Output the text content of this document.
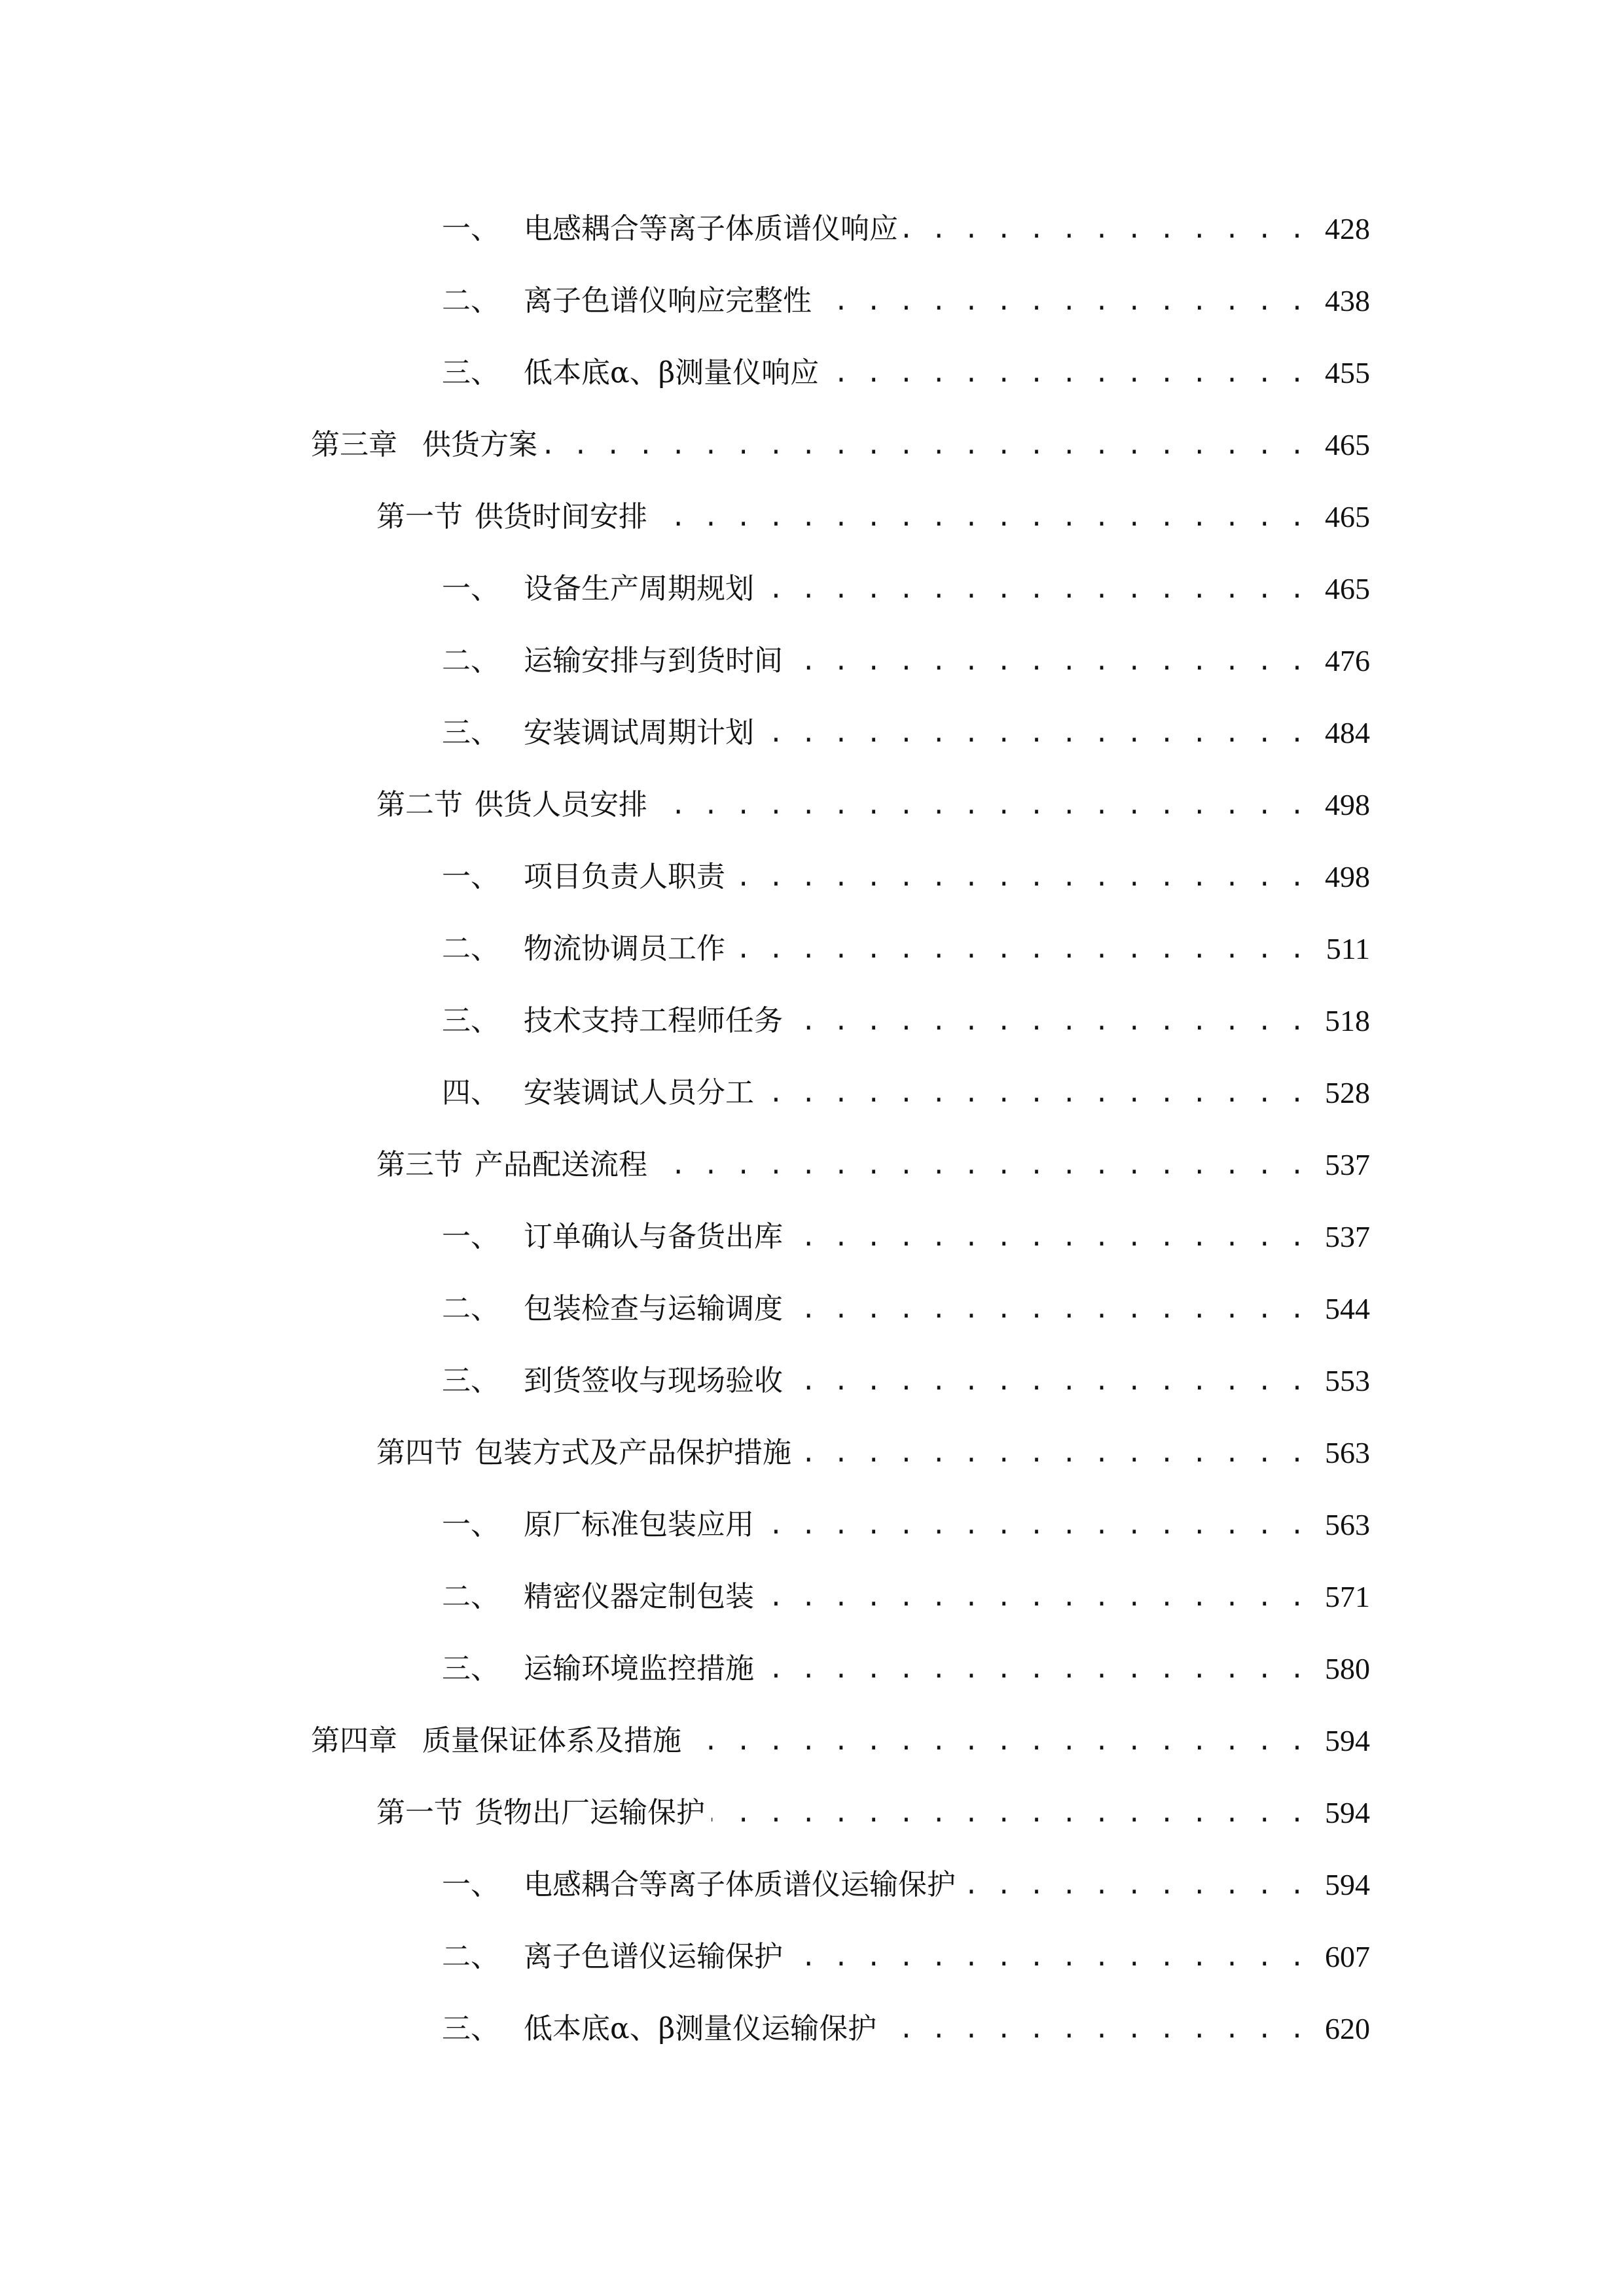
一、 电感耦合等离子体质谱仪响应 . . .	428
二、 离子色谱仪响应完整性 . . .	438
三、 低本底α、β测量仪响应 . . .	455
第三章 供货方案 . . .	465
第一节 供货时间安排 . . .	465
一、 设备生产周期规划 . . .	465
二、 运输安排与到货时间 . . .	476
三、 安装调试周期计划 . . .	484
第二节 供货人员安排 . . .	498
一、 项目负责人职责 . . .	498
二、 物流协调员工作 . . .	511
三、 技术支持工程师任务 . . .	518
四、 安装调试人员分工 . . .	528
第三节 产品配送流程 . . .	537
一、 订单确认与备货出库 . . .	537
二、 包装检查与运输调度 . . .	544
三、 到货签收与现场验收 . . .	553
第四节 包装方式及产品保护措施 . . .	563
一、 原厂标准包装应用 . . .	563
二、 精密仪器定制包装 . . .	571
三、 运输环境监控措施 . . .	580
第四章 质量保证体系及措施 . . .	594
第一节 货物出厂运输保护 . . .	594
一、 电感耦合等离子体质谱仪运输保护 . . .	594
二、 离子色谱仪运输保护 . . .	607
三、 低本底α、β测量仪运输保护 . . .	620
